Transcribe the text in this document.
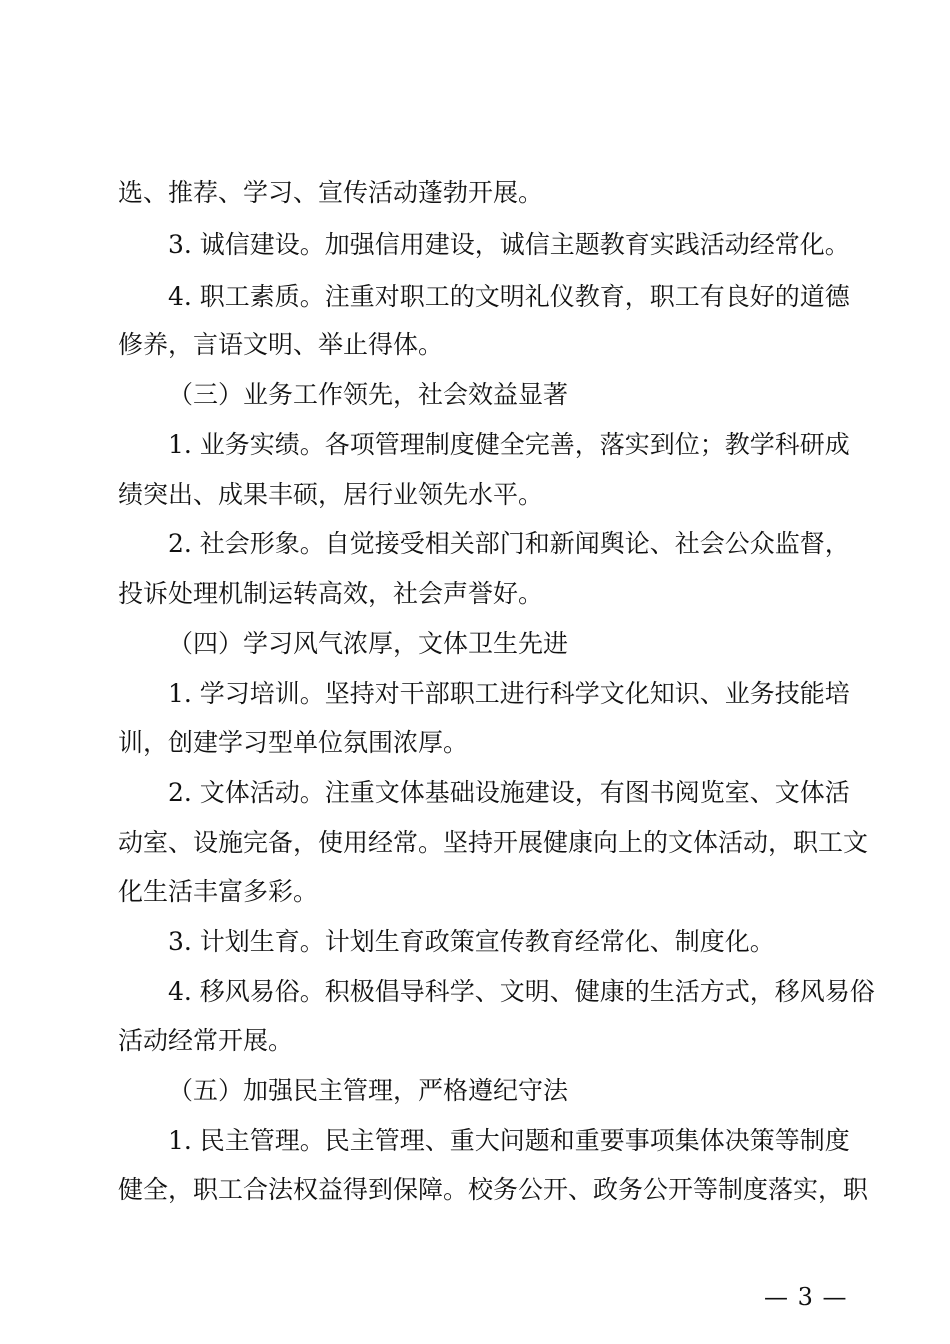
选、推荐、学习、宣传活动蓬勃开展。
3. 诚信建设。加强信用建设，诚信主题教育实践活动经常化。
4. 职工素质。注重对职工的文明礼仪教育，职工有良好的道德
修养，言语文明、举止得体。
（三）业务工作领先，社会效益显著
1. 业务实绩。各项管理制度健全完善，落实到位；教学科研成
绩突出、成果丰硕，居行业领先水平。
2. 社会形象。自觉接受相关部门和新闻舆论、社会公众监督，
投诉处理机制运转高效，社会声誉好。
（四）学习风气浓厚，文体卫生先进
1. 学习培训。坚持对干部职工进行科学文化知识、业务技能培
训，创建学习型单位氛围浓厚。
2. 文体活动。注重文体基础设施建设，有图书阅览室、文体活
动室、设施完备，使用经常。坚持开展健康向上的文体活动，职工文
化生活丰富多彩。
3. 计划生育。计划生育政策宣传教育经常化、制度化。
4. 移风易俗。积极倡导科学、文明、健康的生活方式，移风易俗
活动经常开展。
（五）加强民主管理，严格遵纪守法
1. 民主管理。民主管理、重大问题和重要事项集体决策等制度
健全，职工合法权益得到保障。校务公开、政务公开等制度落实，职
— 3 —
